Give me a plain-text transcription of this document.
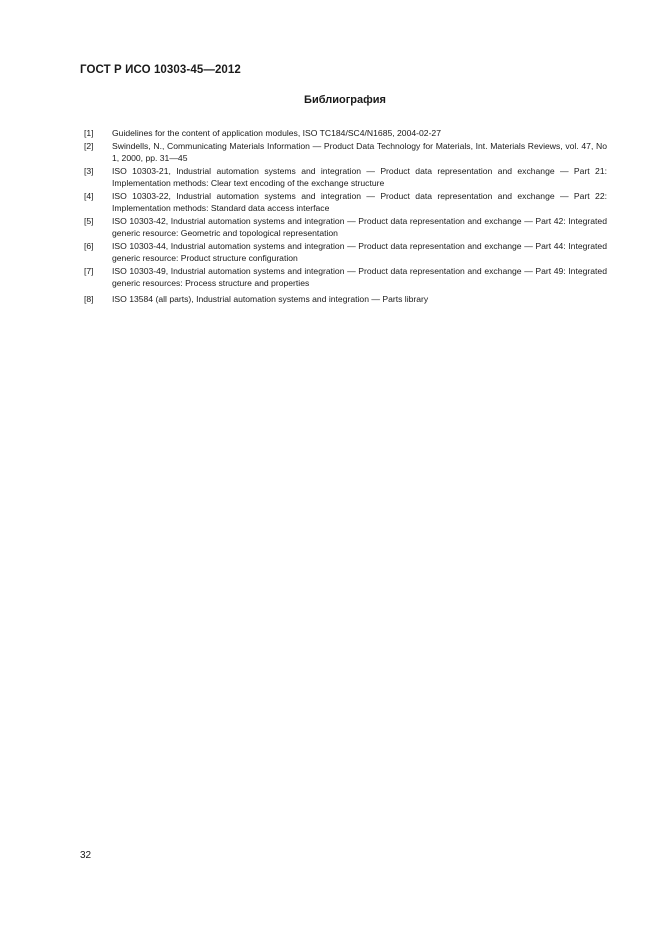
ГОСТ Р ИСО 10303-45—2012
Библиография
[1]	Guidelines for the content of application modules, ISO TC184/SC4/N1685, 2004-02-27
[2]	Swindells, N., Communicating Materials Information — Product Data Technology for Materials, Int. Materials Reviews, vol. 47, No 1, 2000, pp. 31—45
[3]	ISO 10303-21, Industrial automation systems and integration — Product data representation and exchange — Part 21: Implementation methods: Clear text encoding of the exchange structure
[4]	ISO 10303-22, Industrial automation systems and integration — Product data representation and exchange — Part 22: Implementation methods: Standard data access interface
[5]	ISO 10303-42, Industrial automation systems and integration — Product data representation and exchange — Part 42: Integrated generic resource: Geometric and topological representation
[6]	ISO 10303-44, Industrial automation systems and integration — Product data representation and exchange — Part 44: Integrated generic resource: Product structure configuration
[7]	ISO 10303-49, Industrial automation systems and integration — Product data representation and exchange — Part 49: Integrated generic resources: Process structure and properties
[8]	ISO 13584 (all parts), Industrial automation systems and integration — Parts library
32
